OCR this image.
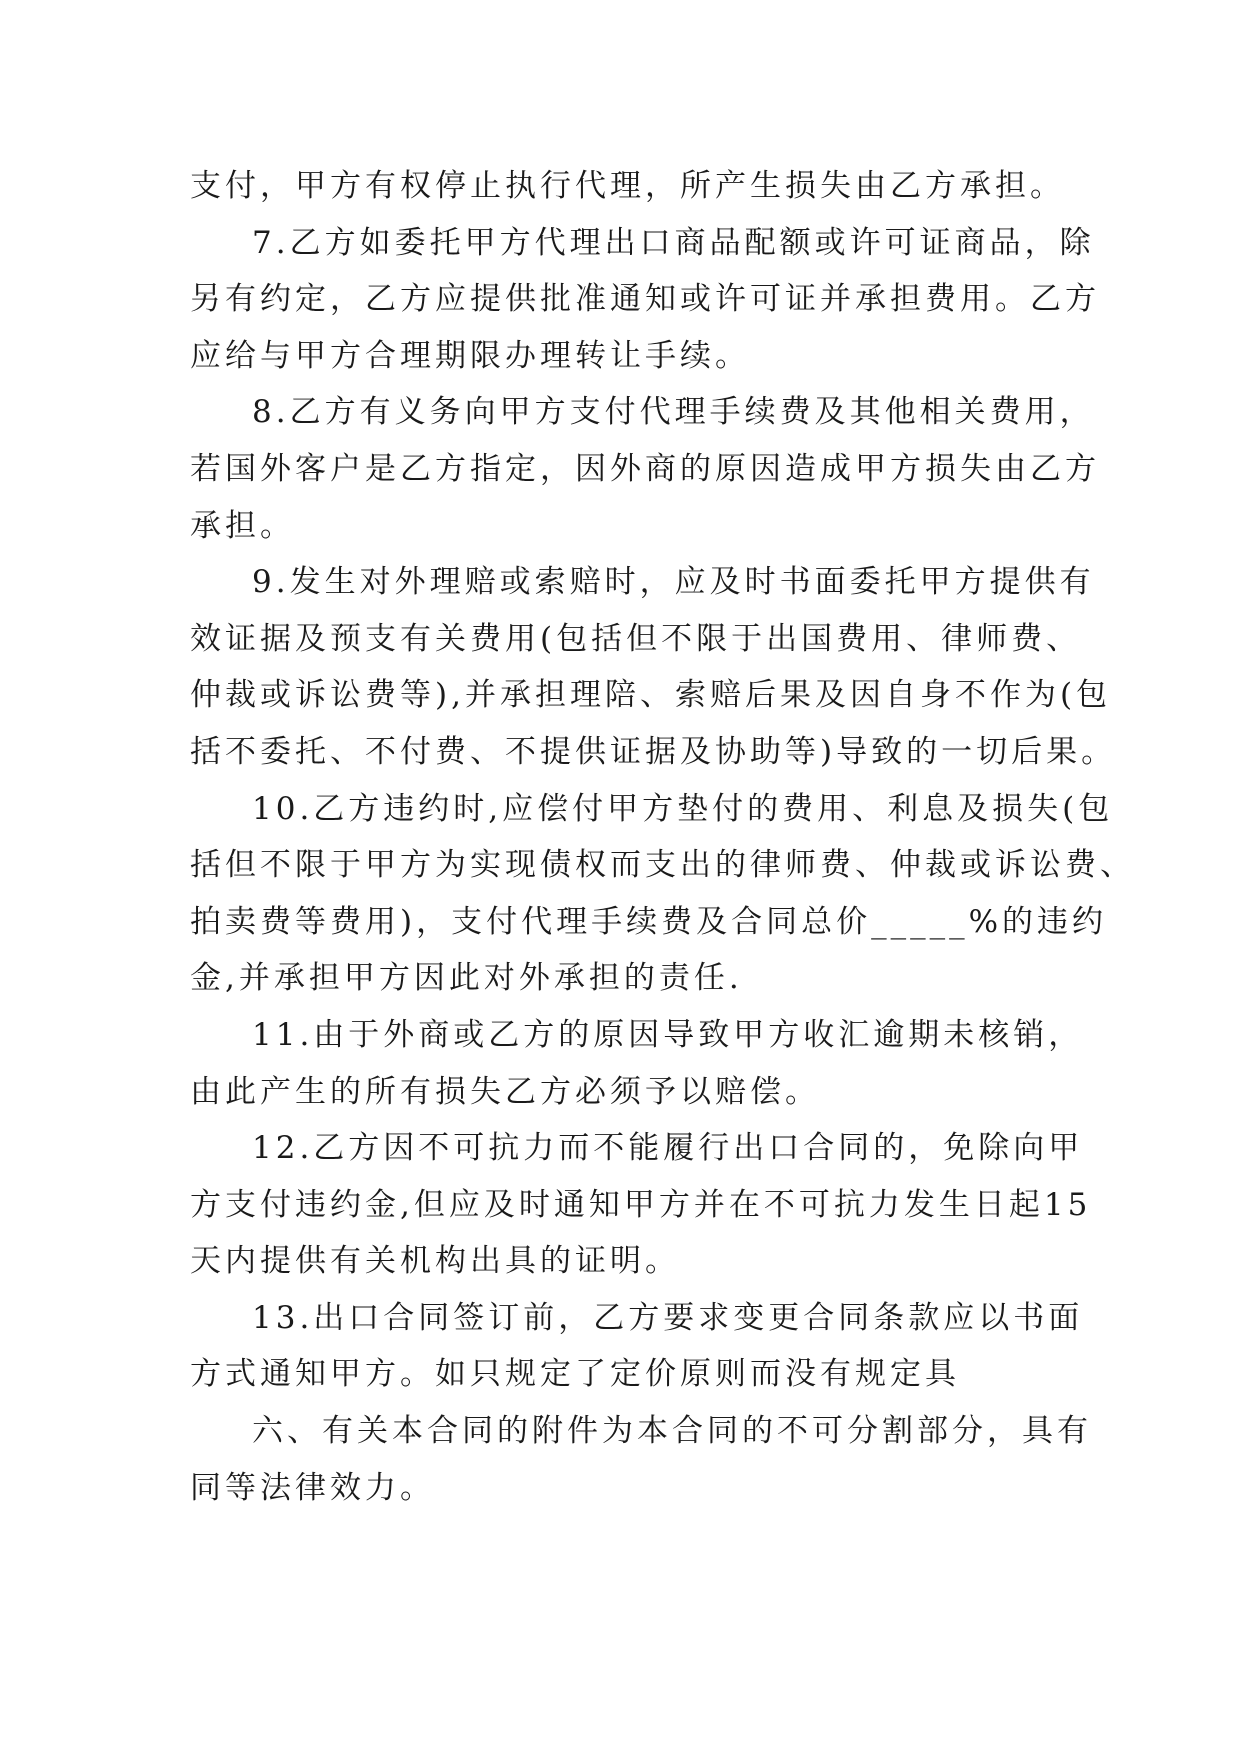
支付，甲方有权停止执行代理，所产生损失由乙方承担。
7.乙方如委托甲方代理出口商品配额或许可证商品，除
另有约定，乙方应提供批准通知或许可证并承担费用。乙方
应给与甲方合理期限办理转让手续。
8.乙方有义务向甲方支付代理手续费及其他相关费用，
若国外客户是乙方指定，因外商的原因造成甲方损失由乙方
承担。
9.发生对外理赔或索赔时，应及时书面委托甲方提供有
效证据及预支有关费用(包括但不限于出国费用、律师费、
仲裁或诉讼费等),并承担理陪、索赔后果及因自身不作为(包
括不委托、不付费、不提供证据及协助等)导致的一切后果。
10.乙方违约时,应偿付甲方垫付的费用、利息及损失(包
括但不限于甲方为实现债权而支出的律师费、仲裁或诉讼费、
拍卖费等费用)，支付代理手续费及合同总价_____%的违约
金,并承担甲方因此对外承担的责任.
11.由于外商或乙方的原因导致甲方收汇逾期未核销，
由此产生的所有损失乙方必须予以赔偿。
12.乙方因不可抗力而不能履行出口合同的，免除向甲
方支付违约金,但应及时通知甲方并在不可抗力发生日起15
天内提供有关机构出具的证明。
13.出口合同签订前，乙方要求变更合同条款应以书面
方式通知甲方。如只规定了定价原则而没有规定具
六、有关本合同的附件为本合同的不可分割部分，具有
同等法律效力。
